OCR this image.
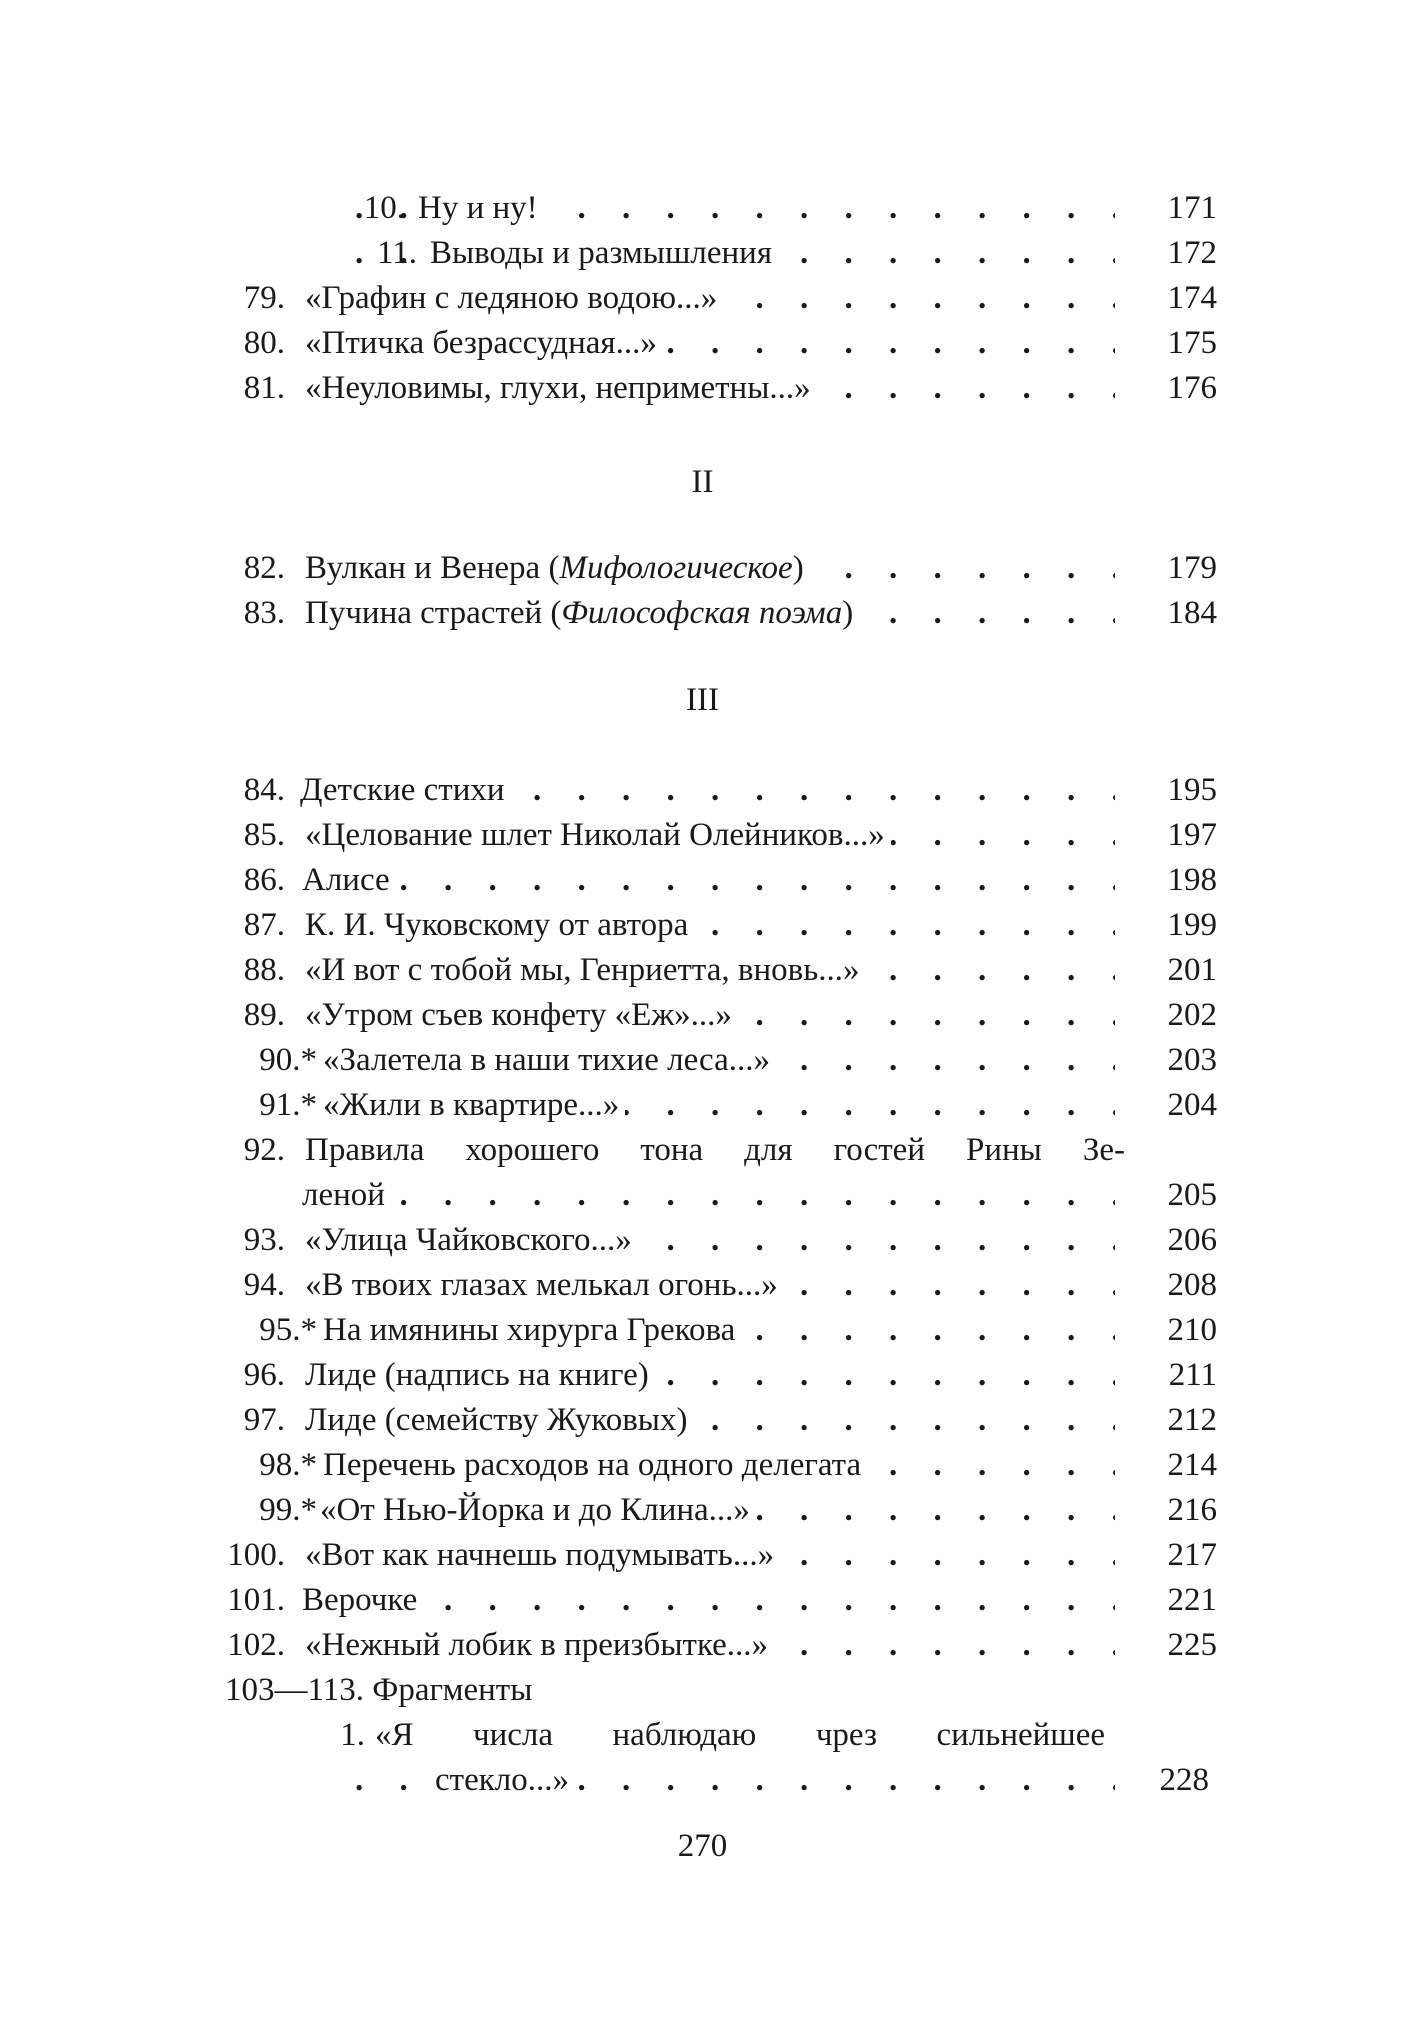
10. Ну и ну! . . .	171
11. Выводы и размышления . . .	172
79. «Графин с ледяною водою...» . . .	174
80. «Птичка безрассудная...» . . .	175
81. «Неуловимы, глухи, неприметны...» . . .	176
II
82. Вулкан и Венера (Мифологическое) . . .	179
83. Пучина страстей (Философская поэма) . . .	184
III
84. Детские стихи . . .	195
85. «Целование шлет Николай Олейников...» . . .	197
86. Алисе . . .	198
87. К. И. Чуковскому от автора . . .	199
88. «И вот с тобой мы, Генриетта, вновь...» . . .	201
89. «Утром съев конфету «Еж»...» . . .	202
90.* «Залетела в наши тихие леса...» . . .	203
91.* «Жили в квартире...» . . .	204
92. Правила хорошего тона для гостей Рины Зе-
леной . . .	205
93. «Улица Чайковского...» . . .	206
94. «В твоих глазах мелькал огонь...» . . .	208
95.* На имянины хирурга Грекова . . .	210
96. Лиде (надпись на книге) . . .	211
97. Лиде (семейству Жуковых) . . .	212
98.* Перечень расходов на одного делегата . . .	214
99.* «От Нью-Йорка и до Клина...» . . .	216
100. «Вот как начнешь подумывать...» . . .	217
101. Верочке . . .	221
102. «Нежный лобик в преизбытке...» . . .	225
103—113. Фрагменты
1. «Я числа наблюдаю чрез сильнейшее
стекло...» . . .	228
270
